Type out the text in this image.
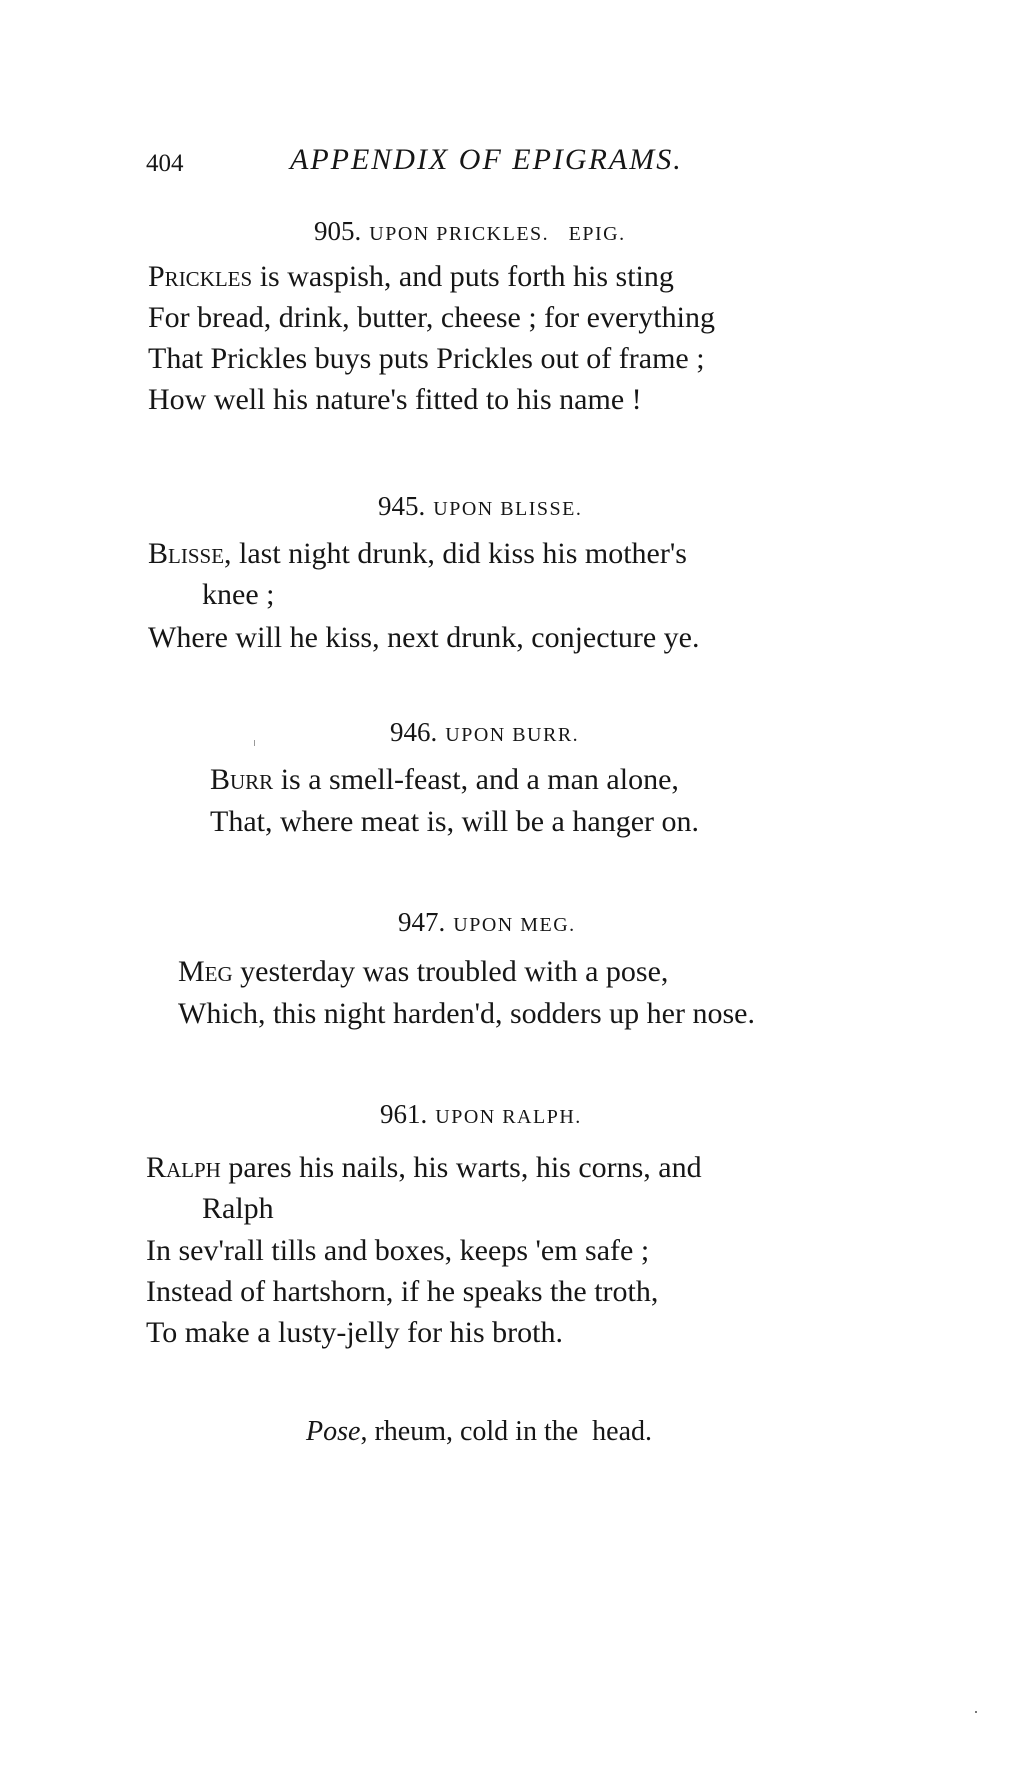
404	APPENDIX OF EPIGRAMS.
905. UPON PRICKLES.   EPIG.
Prickles is waspish, and puts forth his sting
For bread, drink, butter, cheese ; for everything
That Prickles buys puts Prickles out of frame ;
How well his nature's fitted to his name !
945. UPON BLISSE.
Blisse, last night drunk, did kiss his mother's
knee ;
Where will he kiss, next drunk, conjecture ye.
946. UPON BURR.
Burr is a smell-feast, and a man alone,
That, where meat is, will be a hanger on.
947. UPON MEG.
Meg yesterday was troubled with a pose,
Which, this night harden'd, sodders up her nose.
961. UPON RALPH.
Ralph pares his nails, his warts, his corns, and
Ralph
In sev'rall tills and boxes, keeps 'em safe ;
Instead of hartshorn, if he speaks the troth,
To make a lusty-jelly for his broth.
Pose, rheum, cold in the  head.
